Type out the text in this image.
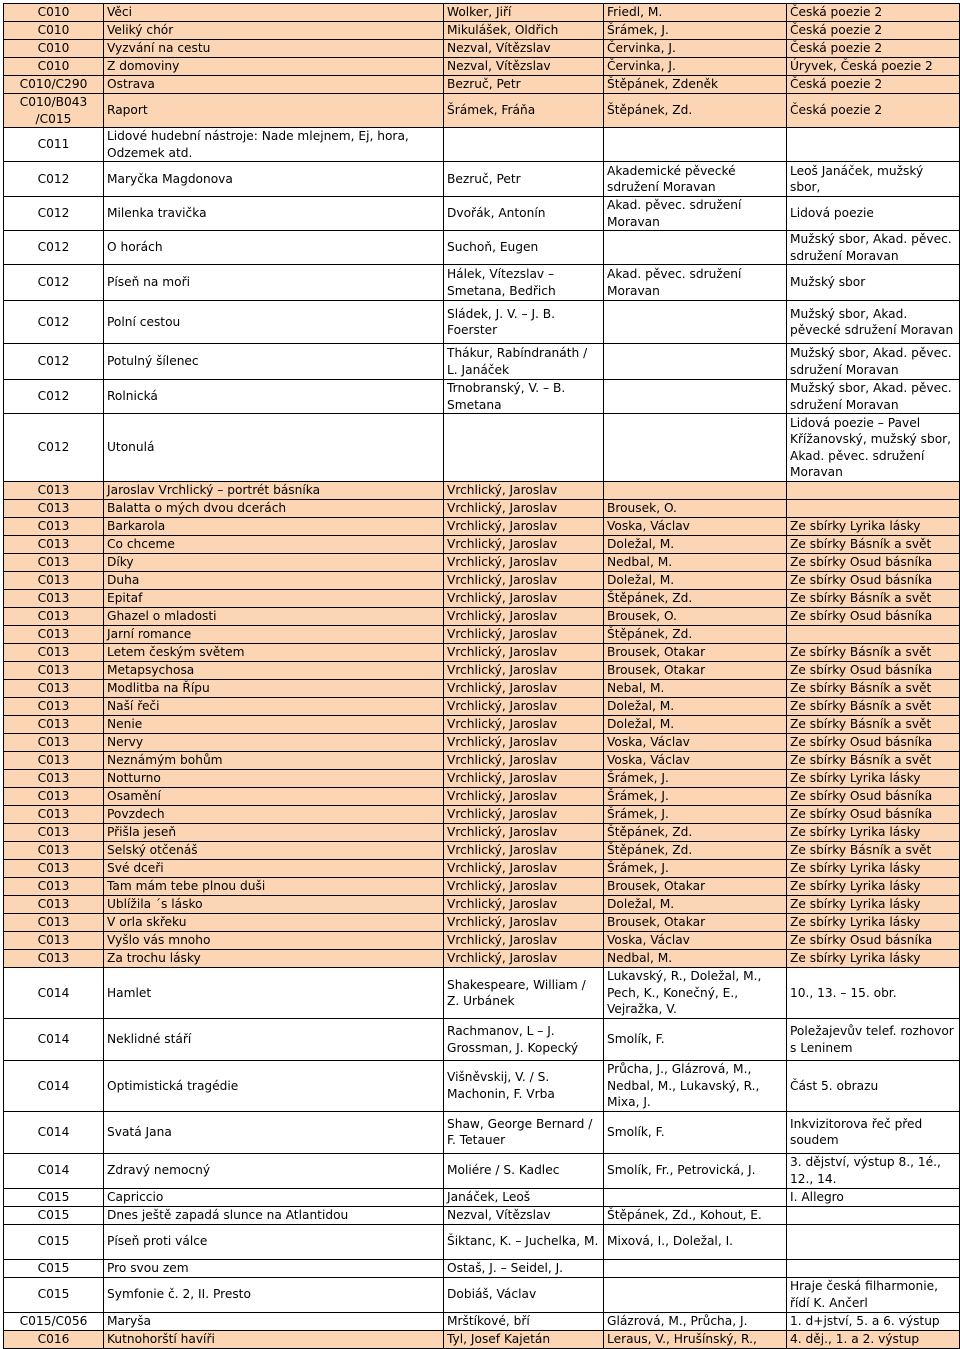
C010	Věci	Wolker, Jiří	Friedl, M.	Česká poezie 2
C010	Veliký chór	Mikulášek, Oldřich	Šrámek, J.	Česká poezie 2
C010	Vyzvání na cestu	Nezval, Vítězslav	Červinka, J.	Česká poezie 2
C010	Z domoviny	Nezval, Vítězslav	Červinka, J.	Úryvek, Česká poezie 2
C010/C290	Ostrava	Bezruč, Petr	Štěpánek, Zdeněk	Česká poezie 2
C010/B043 /C015	Raport	Šrámek, Fráňa	Štěpánek, Zd.	Česká poezie 2
C011	Lidové hudební nástroje: Nade mlejnem, Ej, hora, Odzemek atd.			
C012	Maryčka Magdonova	Bezruč, Petr	Akademické pěvecké sdružení Moravan	Leoš Janáček, mužský sbor,
C012	Milenka travička	Dvořák, Antonín	Akad. pěvec. sdružení Moravan	Lidová poezie
C012	O horách	Suchoň, Eugen		Mužský sbor, Akad. pěvec. sdružení Moravan
C012	Píseň na moři	Hálek, Vítezslav – Smetana, Bedřich	Akad. pěvec. sdružení Moravan	Mužský sbor
C012	Polní cestou	Sládek, J. V. – J. B. Foerster		Mužský sbor, Akad. pěvecké sdružení Moravan
C012	Potulný šílenec	Thákur, Rabíndranáth / L. Janáček		Mužský sbor, Akad. pěvec. sdružení Moravan
C012	Rolnická	Trnobranský, V. – B. Smetana		Mužský sbor, Akad. pěvec. sdružení Moravan
C012	Utonulá			Lidová poezie – Pavel Křížanovský, mužský sbor, Akad. pěvec. sdružení Moravan
C013	Jaroslav Vrchlický – portrét básníka	Vrchlický, Jaroslav		
C013	Balatta o mých dvou dcerách	Vrchlický, Jaroslav	Brousek, O.	
C013	Barkarola	Vrchlický, Jaroslav	Voska, Václav	Ze sbírky Lyrika lásky
C013	Co chceme	Vrchlický, Jaroslav	Doležal, M.	Ze sbírky Básník a svět
C013	Díky	Vrchlický, Jaroslav	Nedbal, M.	Ze sbírky Osud básníka
C013	Duha	Vrchlický, Jaroslav	Doležal, M.	Ze sbírky Osud básníka
C013	Epitaf	Vrchlický, Jaroslav	Štěpánek, Zd.	Ze sbírky Básník a svět
C013	Ghazel o mladosti	Vrchlický, Jaroslav	Brousek, O.	Ze sbírky Osud básníka
C013	Jarní romance	Vrchlický, Jaroslav	Štěpánek, Zd.	
C013	Letem českým světem	Vrchlický, Jaroslav	Brousek, Otakar	Ze sbírky Básník a svět
C013	Metapsychosa	Vrchlický, Jaroslav	Brousek, Otakar	Ze sbírky Osud básníka
C013	Modlitba na Řípu	Vrchlický, Jaroslav	Nebal, M.	Ze sbírky Básník a svět
C013	Naší řeči	Vrchlický, Jaroslav	Doležal, M.	Ze sbírky Básník a svět
C013	Nenie	Vrchlický, Jaroslav	Doležal, M.	Ze sbírky Básník a svět
C013	Nervy	Vrchlický, Jaroslav	Voska, Václav	Ze sbírky Osud básníka
C013	Neznámým bohům	Vrchlický, Jaroslav	Voska, Václav	Ze sbírky Básník a svět
C013	Notturno	Vrchlický, Jaroslav	Šrámek, J.	Ze sbírky Lyrika lásky
C013	Osamění	Vrchlický, Jaroslav	Šrámek, J.	Ze sbírky Osud básníka
C013	Povzdech	Vrchlický, Jaroslav	Šrámek, J.	Ze sbírky Osud básníka
C013	Přišla jeseň	Vrchlický, Jaroslav	Štěpánek, Zd.	Ze sbírky Lyrika lásky
C013	Selský otčenáš	Vrchlický, Jaroslav	Štěpánek, Zd.	Ze sbírky Básník a svět
C013	Své dceři	Vrchlický, Jaroslav	Šrámek, J.	Ze sbírky Lyrika lásky
C013	Tam mám tebe plnou duši	Vrchlický, Jaroslav	Brousek, Otakar	Ze sbírky Lyrika lásky
C013	Ublížila ´s lásko	Vrchlický, Jaroslav	Doležal, M.	Ze sbírky Lyrika lásky
C013	V orla skřeku	Vrchlický, Jaroslav	Brousek, Otakar	Ze sbírky Lyrika lásky
C013	Vyšlo vás mnoho	Vrchlický, Jaroslav	Voska, Václav	Ze sbírky Osud básníka
C013	Za trochu lásky	Vrchlický, Jaroslav	Nedbal, M.	Ze sbírky Lyrika lásky
C014	Hamlet	Shakespeare, William / Z. Urbánek	Lukavský, R., Doležal, M., Pech, K., Konečný, E., Vejražka, V.	10., 13. – 15. obr.
C014	Neklidné stáří	Rachmanov, L – J. Grossman, J. Kopecký	Smolík, F.	Poležajevův telef. rozhovor s Leninem
C014	Optimistická tragédie	Višněvskij, V. / S. Machonin, F. Vrba	Průcha, J., Glázrová, M., Nedbal, M., Lukavský, R., Mixa, J.	Část 5. obrazu
C014	Svatá Jana	Shaw, George Bernard / F. Tetauer	Smolík, F.	Inkvizitorova řeč před soudem
C014	Zdravý nemocný	Moliére / S. Kadlec	Smolík, Fr., Petrovická, J.	3. dějství, výstup 8., 1é., 12., 14.
C015	Capriccio	Janáček, Leoš		I. Allegro
C015	Dnes ještě zapadá slunce na Atlantidou	Nezval, Vítězslav	Štěpánek, Zd., Kohout, E.	
C015	Píseň proti válce	Šiktanc, K. – Juchelka, M.	Mixová, I., Doležal, I.	
C015	Pro svou zem	Ostaš, J. – Seidel, J.		
C015	Symfonie č. 2, II. Presto	Dobiáš, Václav		Hraje česká filharmonie, řídí K. Ančerl
C015/C056	Maryša	Mrštíkové, bří	Glázrová, M., Průcha, J.	1. d+jství, 5. a 6. výstup
C016	Kutnohorští havíři	Tyl, Josef Kajetán	Leraus, V., Hrušínský, R.,	4. děj., 1. a 2. výstup
